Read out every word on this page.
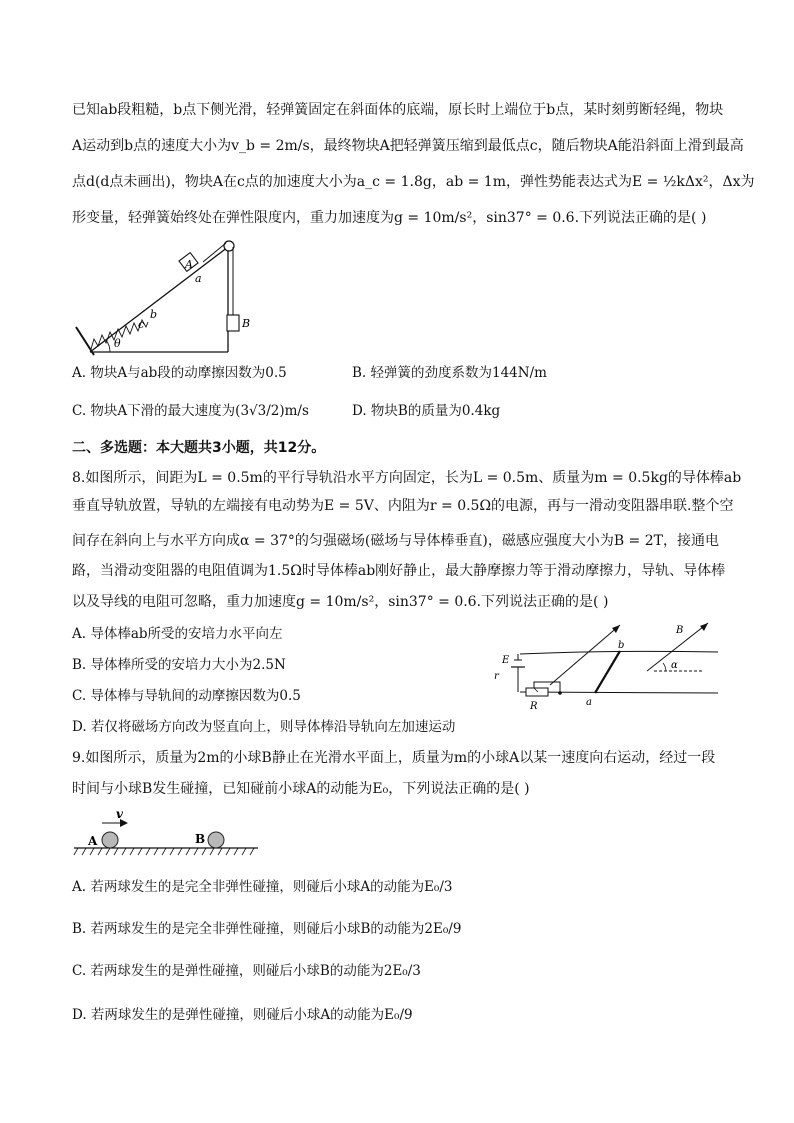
已知ab段粗糙，b点下侧光滑，轻弹簧固定在斜面体的底端，原长时上端位于b点，某时刻剪断轻绳，物块
A运动到b点的速度大小为v_b = 2m/s，最终物块A把轻弹簧压缩到最低点c，随后物块A能沿斜面上滑到最高
点d(d点未画出)，物块A在c点的加速度大小为a_c = 1.8g，ab = 1m，弹性势能表达式为E = ½kΔx²，Δx为
形变量，轻弹簧始终处在弹性限度内，重力加速度为g = 10m/s²，sin37° = 0.6.下列说法正确的是( )
A
a
b
c
θ
B
A. 物块A与ab段的动摩擦因数为0.5	B. 轻弹簧的劲度系数为144N/m
C. 物块A下滑的最大速度为(3√3/2)m/s	D. 物块B的质量为0.4kg
二、多选题：本大题共3小题，共12分。
8.如图所示，间距为L = 0.5m的平行导轨沿水平方向固定，长为L = 0.5m、质量为m = 0.5kg的导体棒ab
垂直导轨放置，导轨的左端接有电动势为E = 5V、内阻为r = 0.5Ω的电源，再与一滑动变阻器串联.整个空
间存在斜向上与水平方向成α = 37°的匀强磁场(磁场与导体棒垂直)，磁感应强度大小为B = 2T，接通电
路，当滑动变阻器的电阻值调为1.5Ω时导体棒ab刚好静止，最大静摩擦力等于滑动摩擦力，导轨、导体棒
以及导线的电阻可忽略，重力加速度g = 10m/s²，sin37° = 0.6.下列说法正确的是( )
A. 导体棒ab所受的安培力水平向左
B. 导体棒所受的安培力大小为2.5N
C. 导体棒与导轨间的动摩擦因数为0.5
D. 若仅将磁场方向改为竖直向上，则导体棒沿导轨向左加速运动
E
r
R	a
b
B
α
9.如图所示，质量为2m的小球B静止在光滑水平面上，质量为m的小球A以某一速度向右运动，经过一段
时间与小球B发生碰撞，已知碰前小球A的动能为E₀，下列说法正确的是( )
v
A	B
A. 若两球发生的是完全非弹性碰撞，则碰后小球A的动能为E₀/3
B. 若两球发生的是完全非弹性碰撞，则碰后小球B的动能为2E₀/9
C. 若两球发生的是弹性碰撞，则碰后小球B的动能为2E₀/3
D. 若两球发生的是弹性碰撞，则碰后小球A的动能为E₀/9
